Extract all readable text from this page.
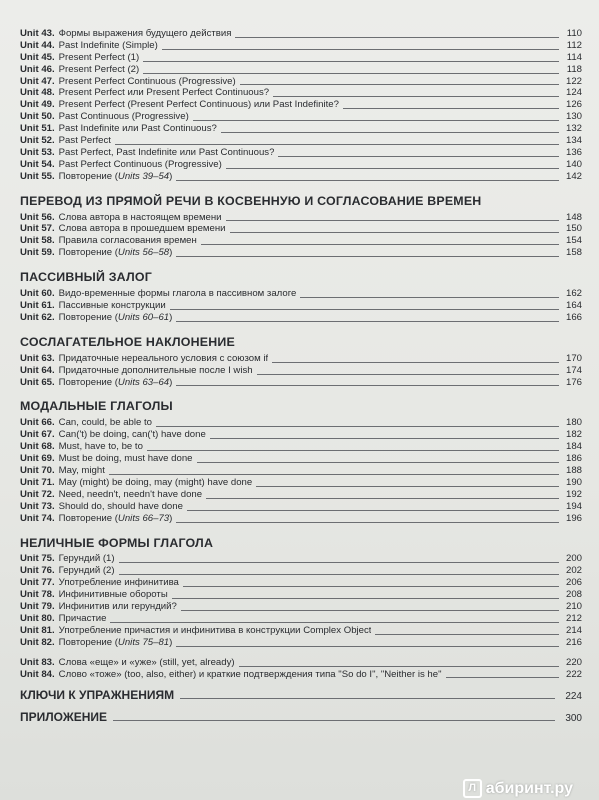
Unit 43. Формы выражения будущего действия	110
Unit 44. Past Indefinite (Simple)	112
Unit 45. Present Perfect (1)	114
Unit 46. Present Perfect (2)	118
Unit 47. Present Perfect Continuous (Progressive)	122
Unit 48. Present Perfect или Present Perfect Continuous?	124
Unit 49. Present Perfect (Present Perfect Continuous) или Past Indefinite?	126
Unit 50. Past Continuous (Progressive)	130
Unit 51. Past Indefinite или Past Continuous?	132
Unit 52. Past Perfect	134
Unit 53. Past Perfect, Past Indefinite или Past Continuous?	136
Unit 54. Past Perfect Continuous (Progressive)	140
Unit 55. Повторение (Units 39–54)	142
ПЕРЕВОД ИЗ ПРЯМОЙ РЕЧИ В КОСВЕННУЮ И СОГЛАСОВАНИЕ ВРЕМЕН
Unit 56. Слова автора в настоящем времени	148
Unit 57. Слова автора в прошедшем времени	150
Unit 58. Правила согласования времен	154
Unit 59. Повторение (Units 56–58)	158
ПАССИВНЫЙ ЗАЛОГ
Unit 60. Видо-временные формы глагола в пассивном залоге	162
Unit 61. Пассивные конструкции	164
Unit 62. Повторение (Units 60–61)	166
СОСЛАГАТЕЛЬНОЕ НАКЛОНЕНИЕ
Unit 63. Придаточные нереального условия с союзом if	170
Unit 64. Придаточные дополнительные после I wish	174
Unit 65. Повторение (Units 63–64)	176
МОДАЛЬНЫЕ ГЛАГОЛЫ
Unit 66. Can, could, be able to	180
Unit 67. Can('t) be doing, can('t) have done	182
Unit 68. Must, have to, be to	184
Unit 69. Must be doing, must have done	186
Unit 70. May, might	188
Unit 71. May (might) be doing, may (might) have done	190
Unit 72. Need, needn't, needn't have done	192
Unit 73. Should do, should have done	194
Unit 74. Повторение (Units 66–73)	196
НЕЛИЧНЫЕ ФОРМЫ ГЛАГОЛА
Unit 75. Герундий (1)	200
Unit 76. Герундий (2)	202
Unit 77. Употребление инфинитива	206
Unit 78. Инфинитивные обороты	208
Unit 79. Инфинитив или герундий?	210
Unit 80. Причастие	212
Unit 81. Употребление причастия и инфинитива в конструкции Complex Object	214
Unit 82. Повторение (Units 75–81)	216
Unit 83. Слова «еще» и «уже» (still, yet, already)	220
Unit 84. Слово «тоже» (too, also, either) и краткие подтверждения типа "So do I", "Neither is he"	222
КЛЮЧИ К УПРАЖНЕНИЯМ	224
ПРИЛОЖЕНИЕ	300
Л абиринт.ру
